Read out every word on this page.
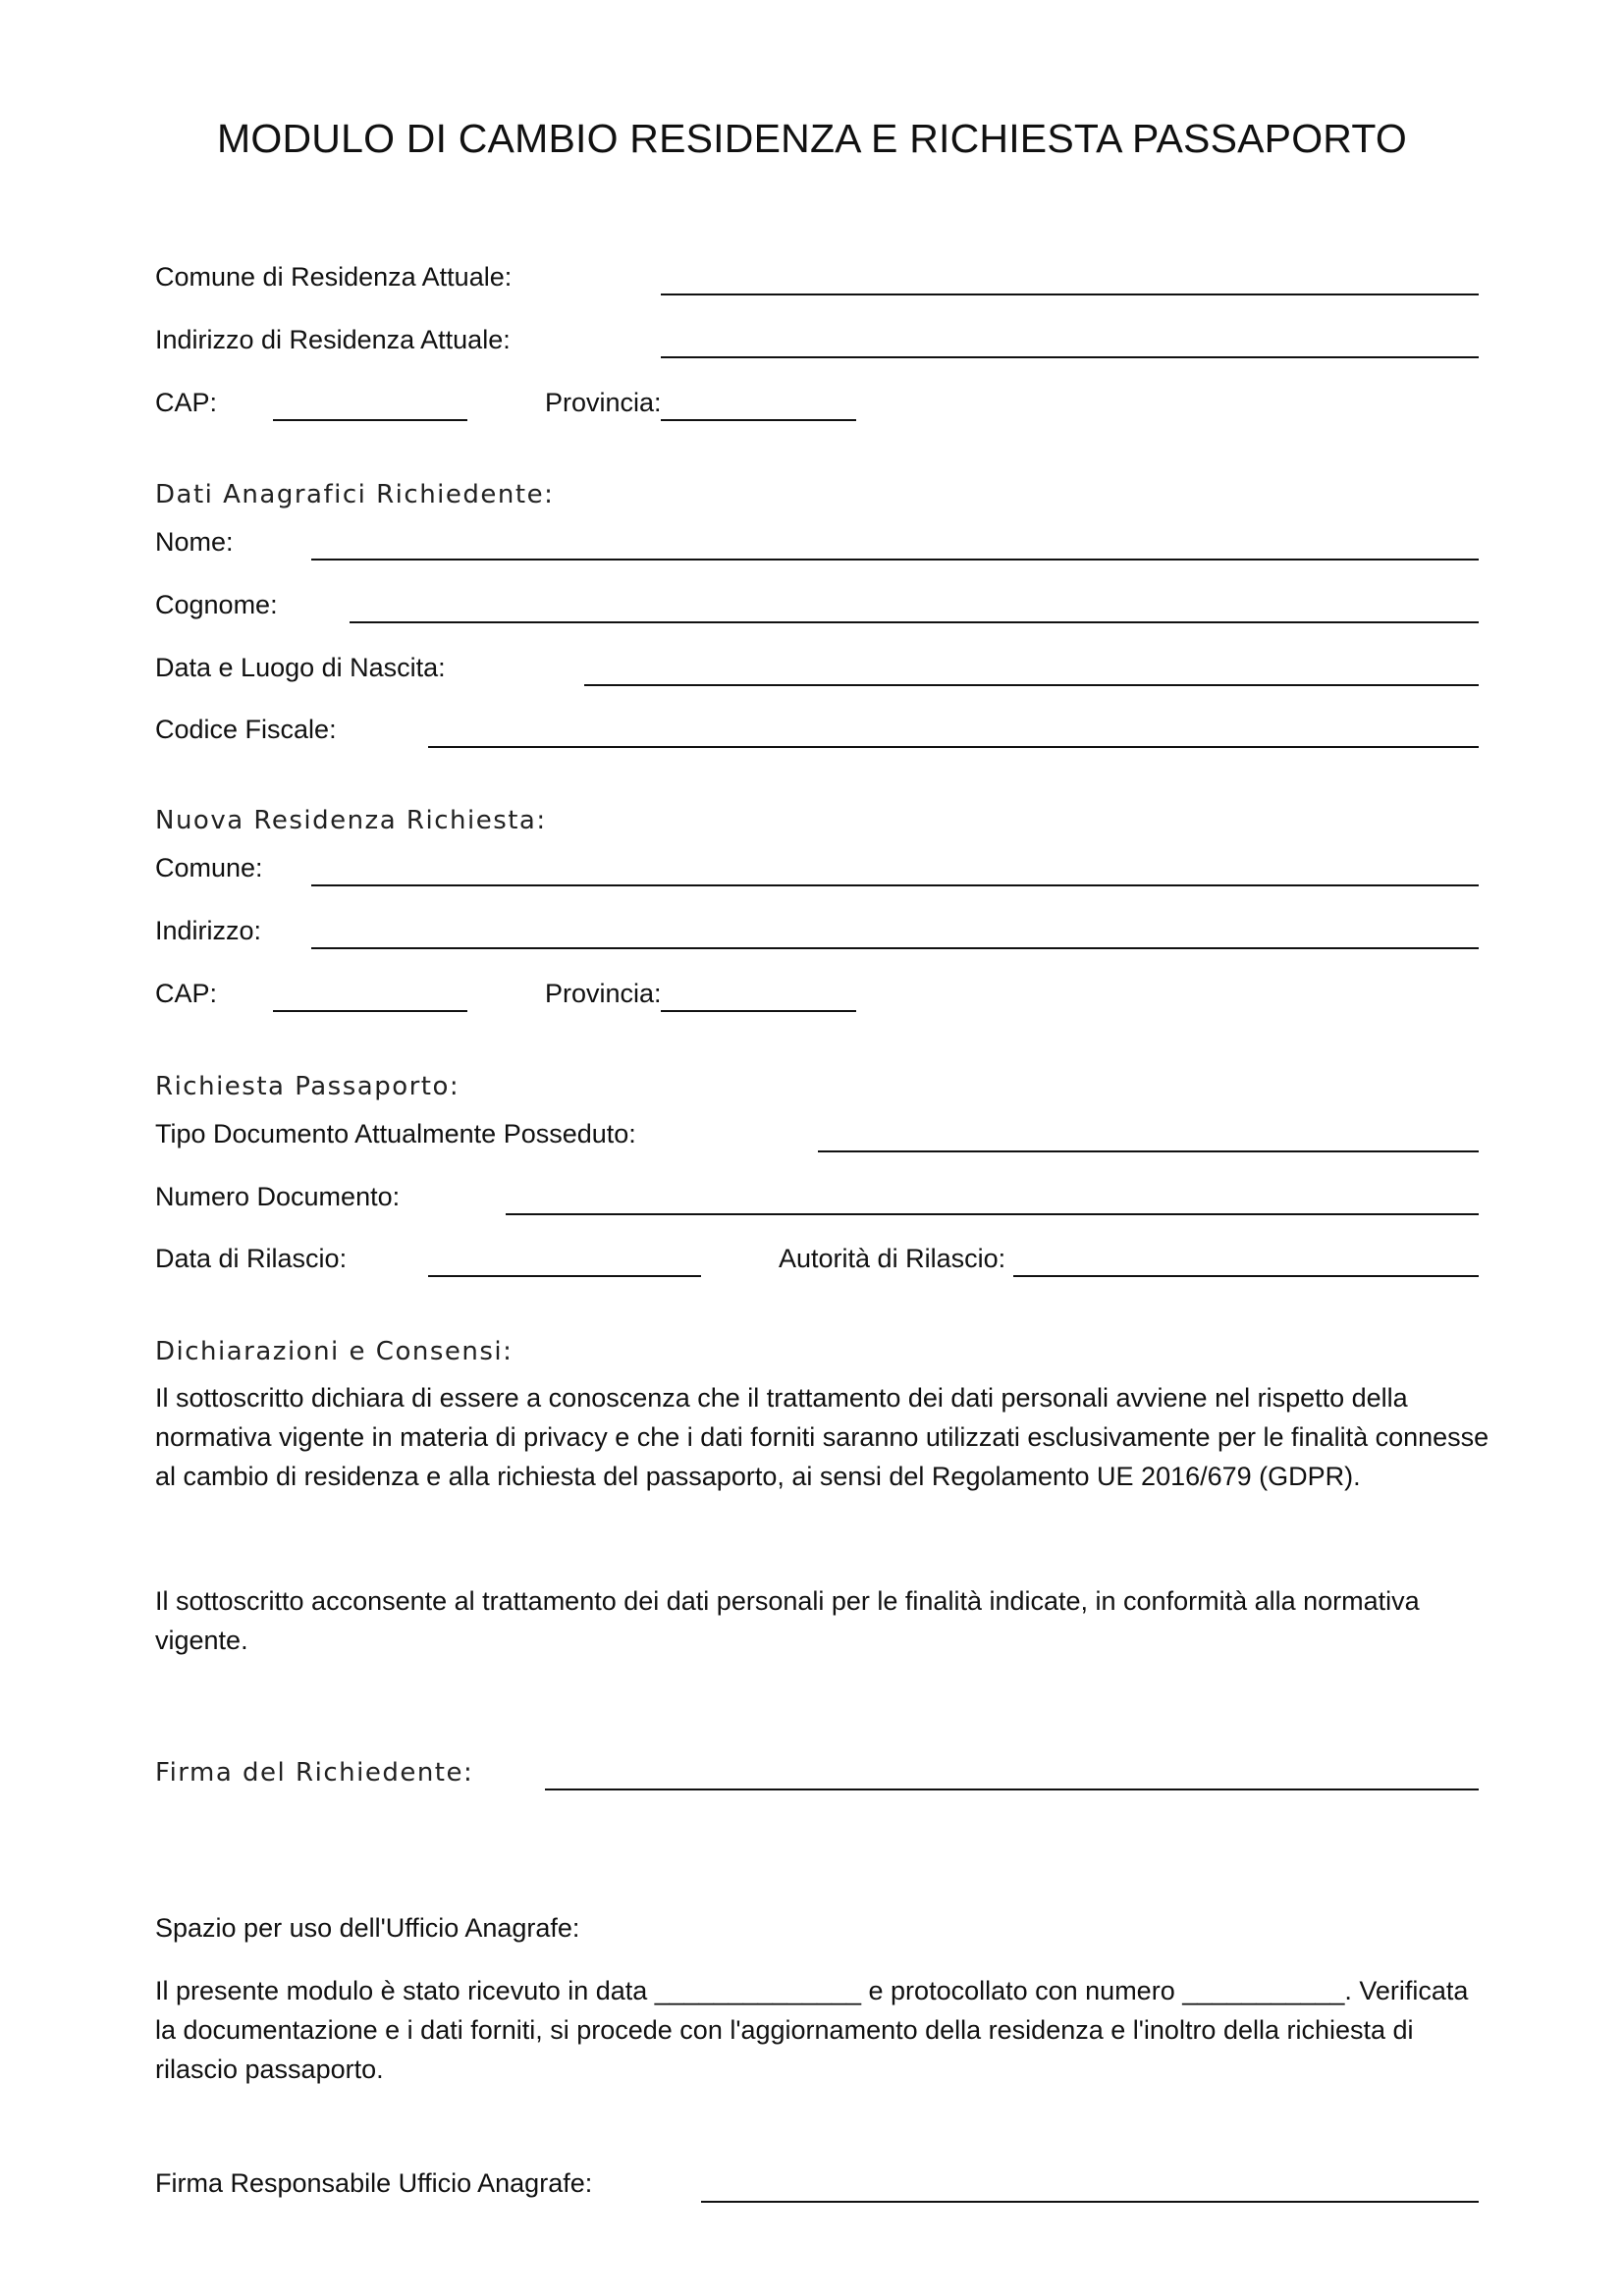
MODULO DI CAMBIO RESIDENZA E RICHIESTA PASSAPORTO
Comune di Residenza Attuale:
Indirizzo di Residenza Attuale:
CAP:	Provincia:
Dati Anagrafici Richiedente:
Nome:
Cognome:
Data e Luogo di Nascita:
Codice Fiscale:
Nuova Residenza Richiesta:
Comune:
Indirizzo:
CAP:	Provincia:
Richiesta Passaporto:
Tipo Documento Attualmente Posseduto:
Numero Documento:
Data di Rilascio:	Autorità di Rilascio:
Dichiarazioni e Consensi:

Il sottoscritto dichiara di essere a conoscenza che il trattamento dei dati personali avviene nel rispetto della normativa vigente in materia di privacy e che i dati forniti saranno utilizzati esclusivamente per le finalità connesse al cambio di residenza e alla richiesta del passaporto, ai sensi del Regolamento UE 2016/679 (GDPR).

Il sottoscritto acconsente al trattamento dei dati personali per le finalità indicate, in conformità alla normativa vigente.

Firma del Richiedente:
Spazio per uso dell'Ufficio Anagrafe:

Il presente modulo è stato ricevuto in data ______________ e protocollato con numero ___________. Verificata la documentazione e i dati forniti, si procede con l'aggiornamento della residenza e l'inoltro della richiesta di rilascio passaporto.

Firma Responsabile Ufficio Anagrafe:
